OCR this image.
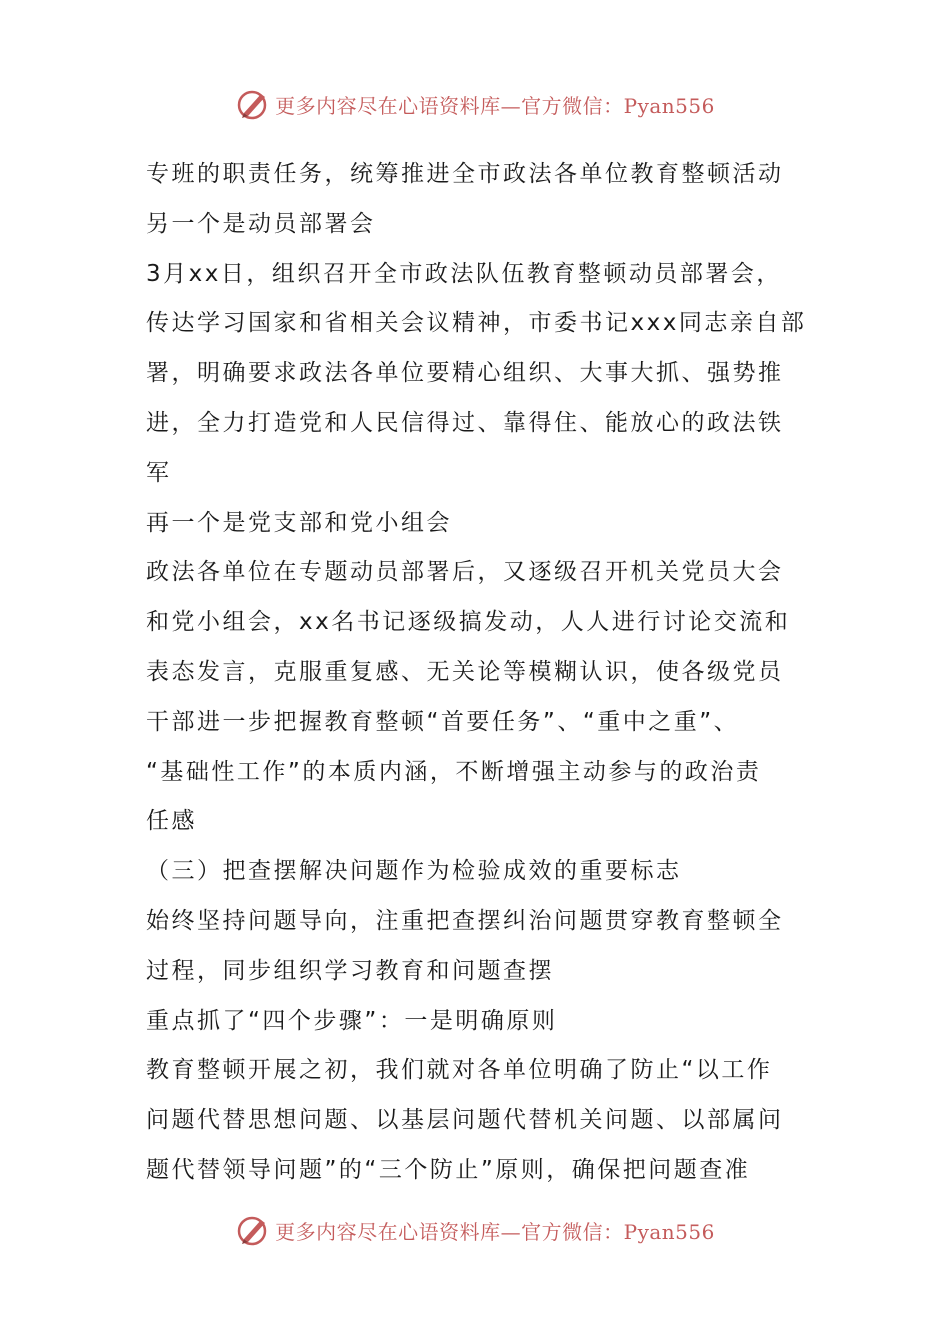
更多内容尽在心语资料库—官方微信：Pyan556
专班的职责任务，统筹推进全市政法各单位教育整顿活动
另一个是动员部署会
3月xx日，组织召开全市政法队伍教育整顿动员部署会，
传达学习国家和省相关会议精神，市委书记xxx同志亲自部
署，明确要求政法各单位要精心组织、大事大抓、强势推
进，全力打造党和人民信得过、靠得住、能放心的政法铁
军
再一个是党支部和党小组会
政法各单位在专题动员部署后，又逐级召开机关党员大会
和党小组会，xx名书记逐级搞发动，人人进行讨论交流和
表态发言，克服重复感、无关论等模糊认识，使各级党员
干部进一步把握教育整顿“首要任务”、“重中之重”、
“基础性工作”的本质内涵，不断增强主动参与的政治责
任感
（三）把查摆解决问题作为检验成效的重要标志
始终坚持问题导向，注重把查摆纠治问题贯穿教育整顿全
过程，同步组织学习教育和问题查摆
重点抓了“四个步骤”：一是明确原则
教育整顿开展之初，我们就对各单位明确了防止“以工作
问题代替思想问题、以基层问题代替机关问题、以部属问
题代替领导问题”的“三个防止”原则，确保把问题查准
更多内容尽在心语资料库—官方微信：Pyan556
